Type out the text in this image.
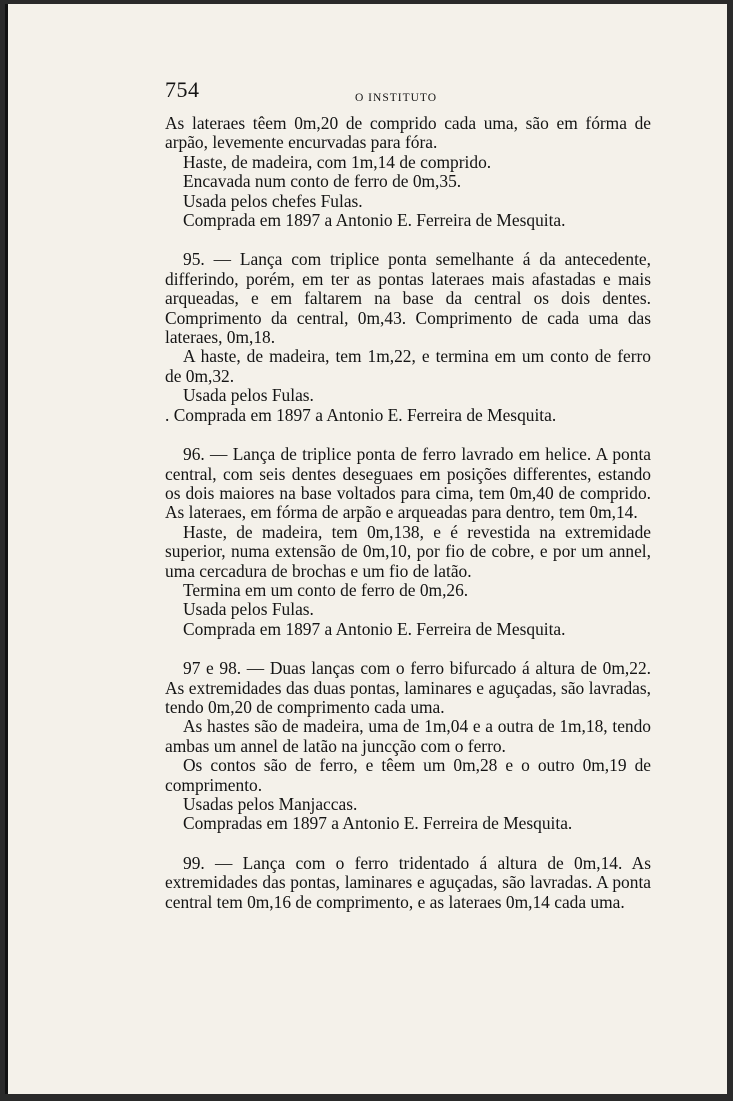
754	O INSTITUTO

As lateraes têem 0m,20 de comprido cada uma, são em fórma de arpão, levemente encurvadas para fóra.

Haste, de madeira, com 1m,14 de comprido.

Encavada num conto de ferro de 0m,35.

Usada pelos chefes Fulas.

Comprada em 1897 a Antonio E. Ferreira de Mesquita.

95. — Lança com triplice ponta semelhante á da antecedente, differindo, porém, em ter as pontas lateraes mais afastadas e mais arqueadas, e em faltarem na base da central os dois dentes. Comprimento da central, 0m,43. Comprimento de cada uma das lateraes, 0m,18.

A haste, de madeira, tem 1m,22, e termina em um conto de ferro de 0m,32.

Usada pelos Fulas.

. Comprada em 1897 a Antonio E. Ferreira de Mesquita.

96. — Lança de triplice ponta de ferro lavrado em helice. A ponta central, com seis dentes deseguaes em posições differentes, estando os dois maiores na base voltados para cima, tem 0m,40 de comprido. As lateraes, em fórma de arpão e arqueadas para dentro, tem 0m,14.

Haste, de madeira, tem 0m,138, e é revestida na extremidade superior, numa extensão de 0m,10, por fio de cobre, e por um annel, uma cercadura de brochas e um fio de latão.

Termina em um conto de ferro de 0m,26.

Usada pelos Fulas.

Comprada em 1897 a Antonio E. Ferreira de Mesquita.

97 e 98. — Duas lanças com o ferro bifurcado á altura de 0m,22. As extremidades das duas pontas, laminares e aguçadas, são lavradas, tendo 0m,20 de comprimento cada uma.

As hastes são de madeira, uma de 1m,04 e a outra de 1m,18, tendo ambas um annel de latão na juncção com o ferro.

Os contos são de ferro, e têem um 0m,28 e o outro 0m,19 de comprimento.

Usadas pelos Manjaccas.

Compradas em 1897 a Antonio E. Ferreira de Mesquita.

99. — Lança com o ferro tridentado á altura de 0m,14. As extremidades das pontas, laminares e aguçadas, são lavradas. A ponta central tem 0m,16 de comprimento, e as lateraes 0m,14 cada uma.
